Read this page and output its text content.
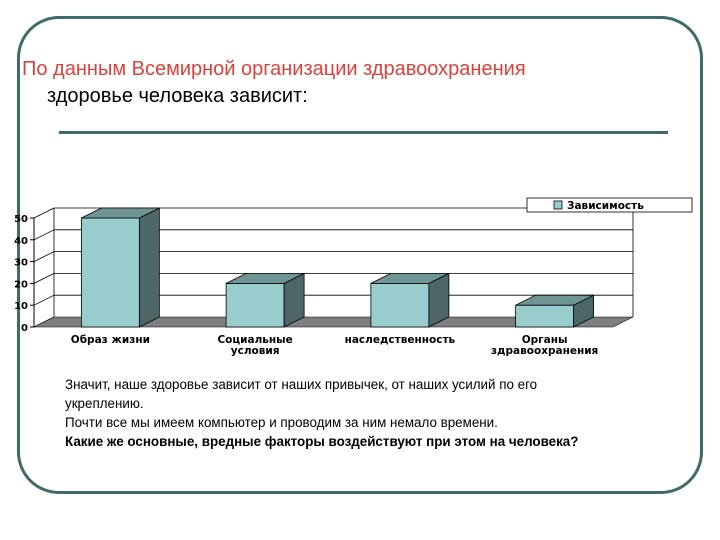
По данным Всемирной организации здравоохранения
здоровье человека зависит:
0
10
20
30
40
50
Образ жизни	Социальные
условия
наследственность	Органы
здравоохранения
Зависимость

Значит, наше здоровье зависит от наших привычек, от наших усилий по его укреплению.

Почти все мы имеем компьютер и проводим за ним немало времени.

Какие же основные, вредные факторы воздействуют при этом на человека?
